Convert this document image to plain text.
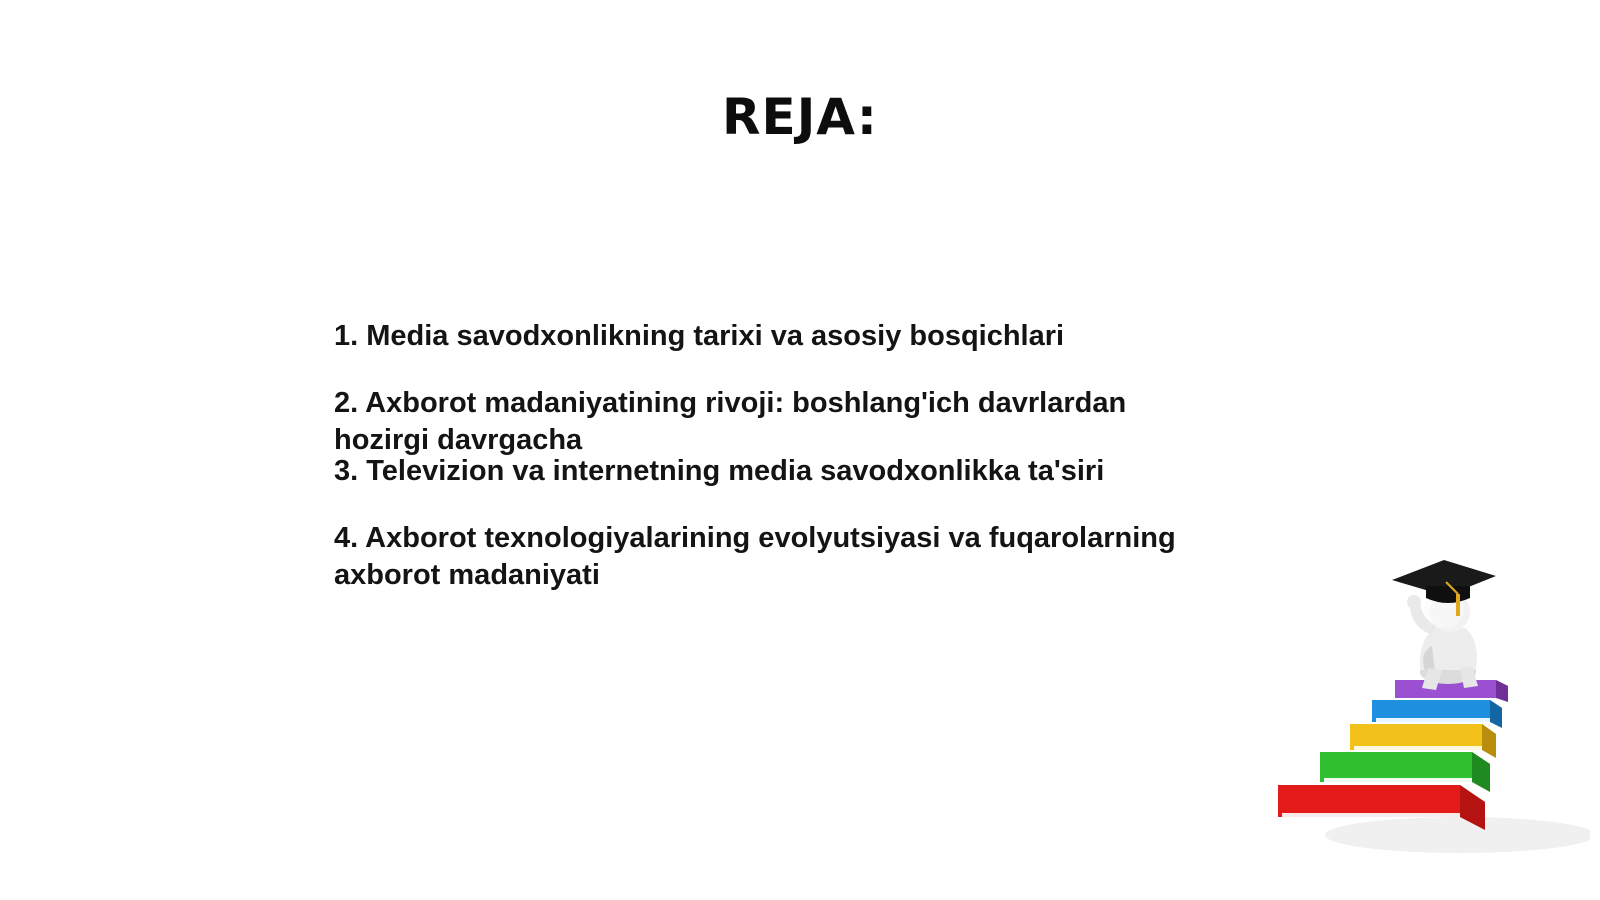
REJA:
1. Media savodxonlikning tarixi va asosiy bosqichlari
2. Axborot madaniyatining rivoji: boshlang'ich davrlardan hozirgi davrgacha
3. Televizion va internetning media savodxonlikka ta'siri
4. Axborot texnologiyalarining evolyutsiyasi va fuqarolarning axborot madaniyati
